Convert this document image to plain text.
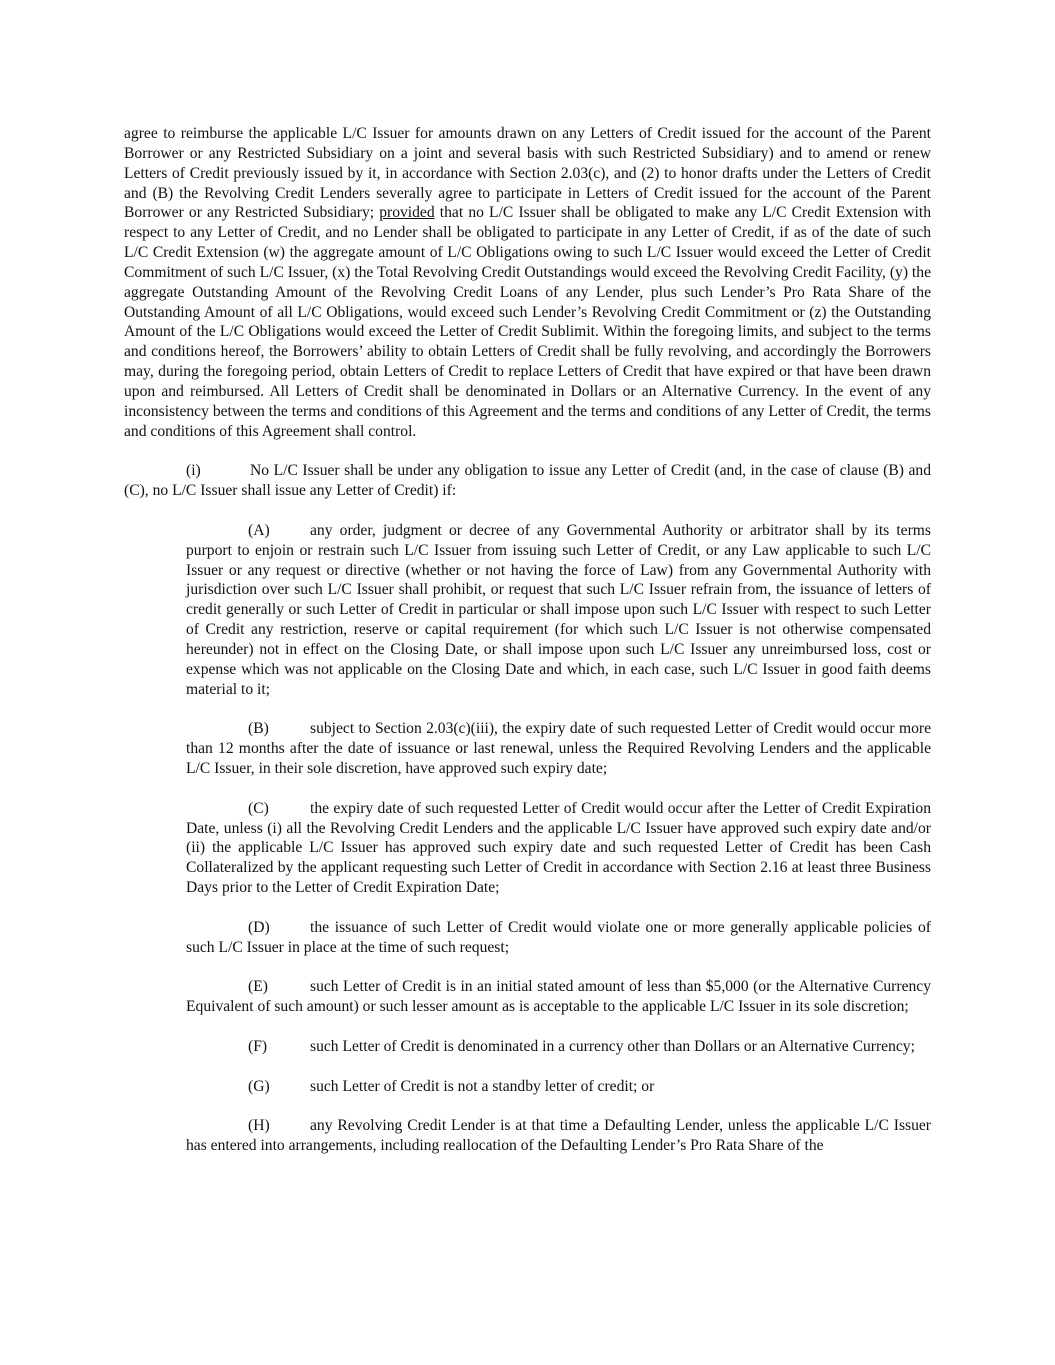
agree to reimburse the applicable L/C Issuer for amounts drawn on any Letters of Credit issued for the account of the Parent Borrower or any Restricted Subsidiary on a joint and several basis with such Restricted Subsidiary) and to amend or renew Letters of Credit previously issued by it, in accordance with Section 2.03(c), and (2) to honor drafts under the Letters of Credit and (B) the Revolving Credit Lenders severally agree to participate in Letters of Credit issued for the account of the Parent Borrower or any Restricted Subsidiary; provided that no L/C Issuer shall be obligated to make any L/C Credit Extension with respect to any Letter of Credit, and no Lender shall be obligated to participate in any Letter of Credit, if as of the date of such L/C Credit Extension (w) the aggregate amount of L/C Obligations owing to such L/C Issuer would exceed the Letter of Credit Commitment of such L/C Issuer, (x) the Total Revolving Credit Outstandings would exceed the Revolving Credit Facility, (y) the aggregate Outstanding Amount of the Revolving Credit Loans of any Lender, plus such Lender’s Pro Rata Share of the Outstanding Amount of all L/C Obligations, would exceed such Lender’s Revolving Credit Commitment or (z) the Outstanding Amount of the L/C Obligations would exceed the Letter of Credit Sublimit. Within the foregoing limits, and subject to the terms and conditions hereof, the Borrowers’ ability to obtain Letters of Credit shall be fully revolving, and accordingly the Borrowers may, during the foregoing period, obtain Letters of Credit to replace Letters of Credit that have expired or that have been drawn upon and reimbursed. All Letters of Credit shall be denominated in Dollars or an Alternative Currency. In the event of any inconsistency between the terms and conditions of this Agreement and the terms and conditions of any Letter of Credit, the terms and conditions of this Agreement shall control.

(i)	No L/C Issuer shall be under any obligation to issue any Letter of Credit (and, in the case of clause (B) and (C), no L/C Issuer shall issue any Letter of Credit) if:

(A)	any order, judgment or decree of any Governmental Authority or arbitrator shall by its terms purport to enjoin or restrain such L/C Issuer from issuing such Letter of Credit, or any Law applicable to such L/C Issuer or any request or directive (whether or not having the force of Law) from any Governmental Authority with jurisdiction over such L/C Issuer shall prohibit, or request that such L/C Issuer refrain from, the issuance of letters of credit generally or such Letter of Credit in particular or shall impose upon such L/C Issuer with respect to such Letter of Credit any restriction, reserve or capital requirement (for which such L/C Issuer is not otherwise compensated hereunder) not in effect on the Closing Date, or shall impose upon such L/C Issuer any unreimbursed loss, cost or expense which was not applicable on the Closing Date and which, in each case, such L/C Issuer in good faith deems material to it;

(B)	subject to Section 2.03(c)(iii), the expiry date of such requested Letter of Credit would occur more than 12 months after the date of issuance or last renewal, unless the Required Revolving Lenders and the applicable L/C Issuer, in their sole discretion, have approved such expiry date;

(C)	the expiry date of such requested Letter of Credit would occur after the Letter of Credit Expiration Date, unless (i) all the Revolving Credit Lenders and the applicable L/C Issuer have approved such expiry date and/or (ii) the applicable L/C Issuer has approved such expiry date and such requested Letter of Credit has been Cash Collateralized by the applicant requesting such Letter of Credit in accordance with Section 2.16 at least three Business Days prior to the Letter of Credit Expiration Date;

(D)	the issuance of such Letter of Credit would violate one or more generally applicable policies of such L/C Issuer in place at the time of such request;

(E)	such Letter of Credit is in an initial stated amount of less than $5,000 (or the Alternative Currency Equivalent of such amount) or such lesser amount as is acceptable to the applicable L/C Issuer in its sole discretion;

(F)	such Letter of Credit is denominated in a currency other than Dollars or an Alternative Currency;

(G)	such Letter of Credit is not a standby letter of credit; or

(H)	any Revolving Credit Lender is at that time a Defaulting Lender, unless the applicable L/C Issuer has entered into arrangements, including reallocation of the Defaulting Lender’s Pro Rata Share of the
